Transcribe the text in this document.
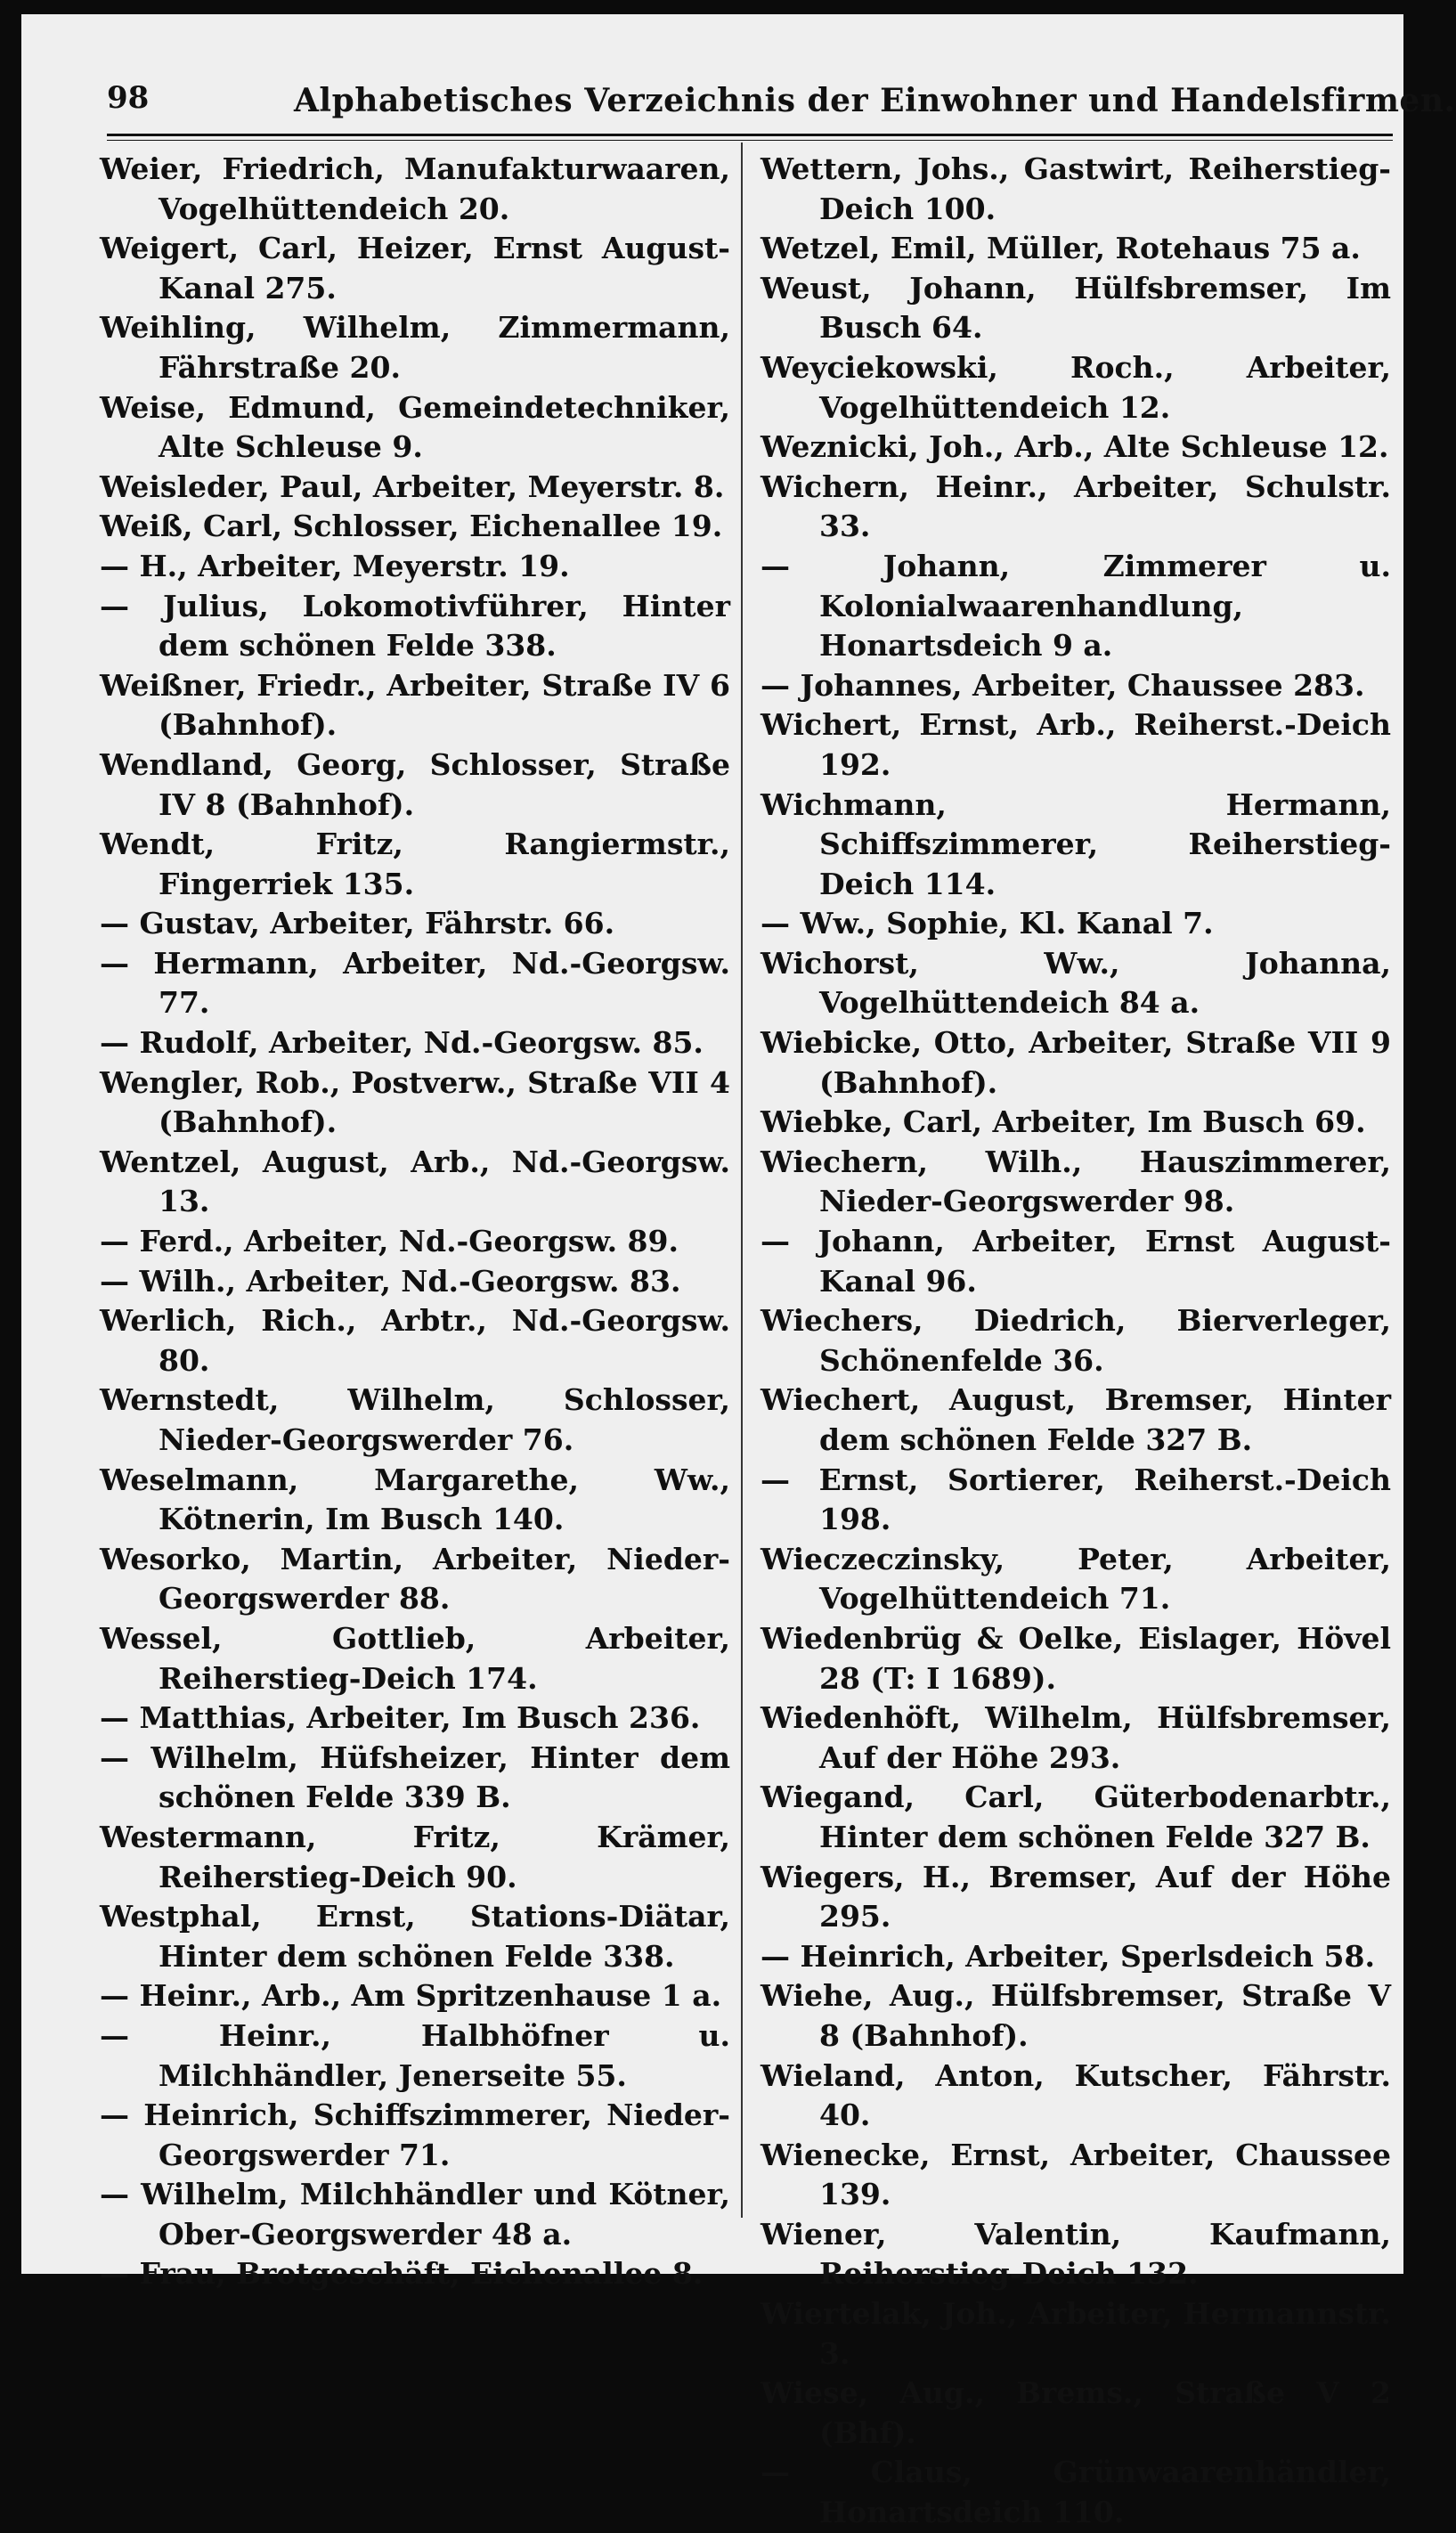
98	Alphabetisches Verzeichnis der Einwohner und Handelsfirmen.

Weier, Friedrich, Manufakturwaaren, Vogelhüttendeich 20.

Weigert, Carl, Heizer, Ernst August-Kanal 275.

Weihling, Wilhelm, Zimmermann, Fährstraße 20.

Weise, Edmund, Gemeindetechniker, Alte Schleuse 9.

Weisleder, Paul, Arbeiter, Meyerstr. 8.

Weiß, Carl, Schlosser, Eichenallee 19.

— H., Arbeiter, Meyerstr. 19.

— Julius, Lokomotivführer, Hinter dem schönen Felde 338.

Weißner, Friedr., Arbeiter, Straße IV 6 (Bahnhof).

Wendland, Georg, Schlosser, Straße IV 8 (Bahnhof).

Wendt, Fritz, Rangiermstr., Fingerriek 135.

— Gustav, Arbeiter, Fährstr. 66.

— Hermann, Arbeiter, Nd.-Georgsw. 77.

— Rudolf, Arbeiter, Nd.-Georgsw. 85.

Wengler, Rob., Postverw., Straße VII 4 (Bahnhof).

Wentzel, August, Arb., Nd.-Georgsw. 13.

— Ferd., Arbeiter, Nd.-Georgsw. 89.

— Wilh., Arbeiter, Nd.-Georgsw. 83.

Werlich, Rich., Arbtr., Nd.-Georgsw. 80.

Wernstedt, Wilhelm, Schlosser, Nieder-Georgswerder 76.

Weselmann, Margarethe, Ww., Kötnerin, Im Busch 140.

Wesorko, Martin, Arbeiter, Nieder-Georgswerder 88.

Wessel, Gottlieb, Arbeiter, Reiherstieg-Deich 174.

— Matthias, Arbeiter, Im Busch 236.

— Wilhelm, Hüfsheizer, Hinter dem schönen Felde 339 B.

Westermann, Fritz, Krämer, Reiherstieg-Deich 90.

Westphal, Ernst, Stations-Diätar, Hinter dem schönen Felde 338.

— Heinr., Arb., Am Spritzenhause 1 a.

— Heinr., Halbhöfner u. Milchhändler, Jenerseite 55.

— Heinrich, Schiffszimmerer, Nieder-Georgswerder 71.

— Wilhelm, Milchhändler und Kötner, Ober-Georgswerder 48 a.

— Frau, Brotgeschäft, Eichenallee 8.

Wettern, Johs., Gastwirt, Reiherstieg-Deich 100.

Wetzel, Emil, Müller, Rotehaus 75 a.

Weust, Johann, Hülfsbremser, Im Busch 64.

Weyciekowski, Roch., Arbeiter, Vogelhüttendeich 12.

Weznicki, Joh., Arb., Alte Schleuse 12.

Wichern, Heinr., Arbeiter, Schulstr. 33.

— Johann, Zimmerer u. Kolonialwaarenhandlung, Honartsdeich 9 a.

— Johannes, Arbeiter, Chaussee 283.

Wichert, Ernst, Arb., Reiherst.-Deich 192.

Wichmann, Hermann, Schiffszimmerer, Reiherstieg-Deich 114.

— Ww., Sophie, Kl. Kanal 7.

Wichorst, Ww., Johanna, Vogelhüttendeich 84 a.

Wiebicke, Otto, Arbeiter, Straße VII 9 (Bahnhof).

Wiebke, Carl, Arbeiter, Im Busch 69.

Wiechern, Wilh., Hauszimmerer, Nieder-Georgswerder 98.

— Johann, Arbeiter, Ernst August-Kanal 96.

Wiechers, Diedrich, Bierverleger, Schönenfelde 36.

Wiechert, August, Bremser, Hinter dem schönen Felde 327 B.

— Ernst, Sortierer, Reiherst.-Deich 198.

Wieczeczinsky, Peter, Arbeiter, Vogelhüttendeich 71.

Wiedenbrüg & Oelke, Eislager, Hövel 28 (T: I 1689).

Wiedenhöft, Wilhelm, Hülfsbremser, Auf der Höhe 293.

Wiegand, Carl, Güterbodenarbtr., Hinter dem schönen Felde 327 B.

Wiegers, H., Bremser, Auf der Höhe 295.

— Heinrich, Arbeiter, Sperlsdeich 58.

Wiehe, Aug., Hülfsbremser, Straße V 8 (Bahnhof).

Wieland, Anton, Kutscher, Fährstr. 40.

Wienecke, Ernst, Arbeiter, Chaussee 139.

Wiener, Valentin, Kaufmann, Reiherstieg-Deich 132.

Wiertelak, Joh., Arbeiter, Hermannstr. 3.

Wiese, Aug., Brems., Straße V 2 (Bhf).

— Claus, Grünwaarenhändler, Honartsdeich 110.
